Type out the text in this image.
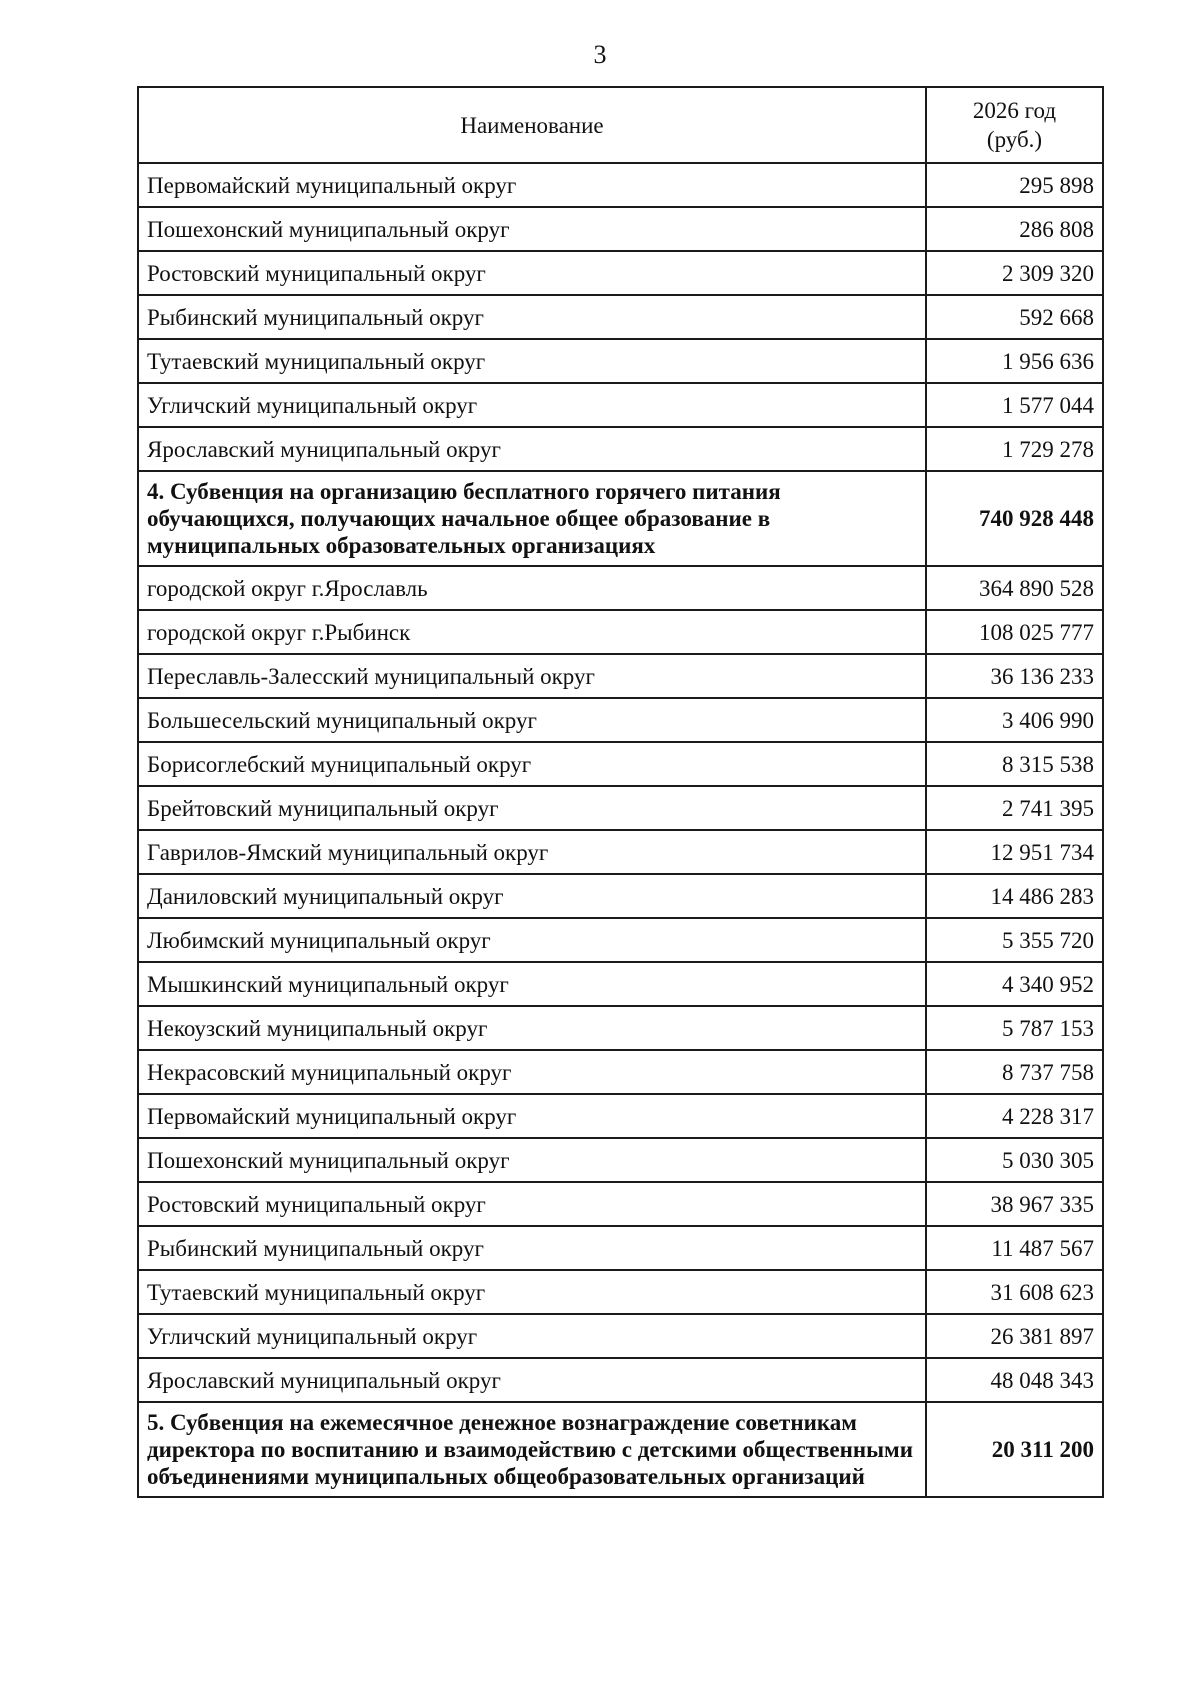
3
Наименование	2026 год
(руб.)

Первомайский муниципальный округ	295 898
Пошехонский муниципальный округ	286 808
Ростовский муниципальный округ	2 309 320
Рыбинский муниципальный округ	592 668
Тутаевский муниципальный округ	1 956 636
Угличский муниципальный округ	1 577 044
Ярославский муниципальный округ	1 729 278
4. Субвенция на организацию бесплатного горячего питания обучающихся, получающих начальное общее образование в муниципальных образовательных организациях	740 928 448
городской округ г.Ярославль	364 890 528
городской округ г.Рыбинск	108 025 777
Переславль-Залесский муниципальный округ	36 136 233
Большесельский муниципальный округ	3 406 990
Борисоглебский муниципальный округ	8 315 538
Брейтовский муниципальный округ	2 741 395
Гаврилов-Ямский муниципальный округ	12 951 734
Даниловский муниципальный округ	14 486 283
Любимский муниципальный округ	5 355 720
Мышкинский муниципальный округ	4 340 952
Некоузский муниципальный округ	5 787 153
Некрасовский муниципальный округ	8 737 758
Первомайский муниципальный округ	4 228 317
Пошехонский муниципальный округ	5 030 305
Ростовский муниципальный округ	38 967 335
Рыбинский муниципальный округ	11 487 567
Тутаевский муниципальный округ	31 608 623
Угличский муниципальный округ	26 381 897
Ярославский муниципальный округ	48 048 343
5. Субвенция на ежемесячное денежное вознаграждение советникам директора по воспитанию и взаимодействию с детскими общественными объединениями муниципальных общеобразовательных организаций	20 311 200
